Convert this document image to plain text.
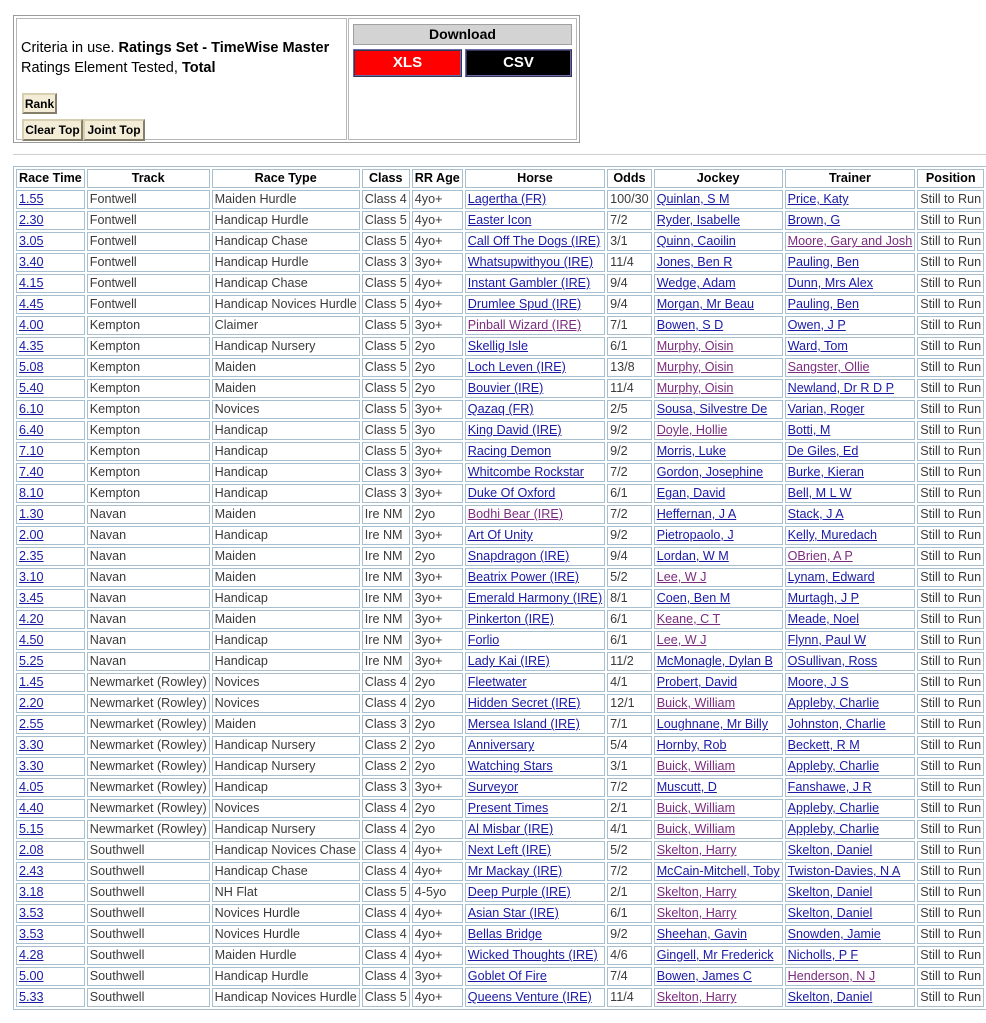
Criteria in use. Ratings Set - TimeWise Master
Ratings Element Tested, Total
Rank
Clear Top Joint Top
Download
XLS	CSV
Race Time	Track	Race Type	Class	RR Age	Horse	Odds	Jockey	Trainer	Position
1.55	Fontwell	Maiden Hurdle	Class 4	4yo+	Lagertha (FR)	100/30	Quinlan, S M	Price, Katy	Still to Run
2.30	Fontwell	Handicap Hurdle	Class 5	4yo+	Easter Icon	7/2	Ryder, Isabelle	Brown, G	Still to Run
3.05	Fontwell	Handicap Chase	Class 5	4yo+	Call Off The Dogs (IRE)	3/1	Quinn, Caoilin	Moore, Gary and Josh	Still to Run
3.40	Fontwell	Handicap Hurdle	Class 3	3yo+	Whatsupwithyou (IRE)	11/4	Jones, Ben R	Pauling, Ben	Still to Run
4.15	Fontwell	Handicap Chase	Class 5	4yo+	Instant Gambler (IRE)	9/4	Wedge, Adam	Dunn, Mrs Alex	Still to Run
4.45	Fontwell	Handicap Novices Hurdle	Class 5	4yo+	Drumlee Spud (IRE)	9/4	Morgan, Mr Beau	Pauling, Ben	Still to Run
4.00	Kempton	Claimer	Class 5	3yo+	Pinball Wizard (IRE)	7/1	Bowen, S D	Owen, J P	Still to Run
4.35	Kempton	Handicap Nursery	Class 5	2yo	Skellig Isle	6/1	Murphy, Oisin	Ward, Tom	Still to Run
5.08	Kempton	Maiden	Class 5	2yo	Loch Leven (IRE)	13/8	Murphy, Oisin	Sangster, Ollie	Still to Run
5.40	Kempton	Maiden	Class 5	2yo	Bouvier (IRE)	11/4	Murphy, Oisin	Newland, Dr R D P	Still to Run
6.10	Kempton	Novices	Class 5	3yo+	Qazaq (FR)	2/5	Sousa, Silvestre De	Varian, Roger	Still to Run
6.40	Kempton	Handicap	Class 5	3yo	King David (IRE)	9/2	Doyle, Hollie	Botti, M	Still to Run
7.10	Kempton	Handicap	Class 5	3yo+	Racing Demon	9/2	Morris, Luke	De Giles, Ed	Still to Run
7.40	Kempton	Handicap	Class 3	3yo+	Whitcombe Rockstar	7/2	Gordon, Josephine	Burke, Kieran	Still to Run
8.10	Kempton	Handicap	Class 3	3yo+	Duke Of Oxford	6/1	Egan, David	Bell, M L W	Still to Run
1.30	Navan	Maiden	Ire NM	2yo	Bodhi Bear (IRE)	7/2	Heffernan, J A	Stack, J A	Still to Run
2.00	Navan	Handicap	Ire NM	3yo+	Art Of Unity	9/2	Pietropaolo, J	Kelly, Muredach	Still to Run
2.35	Navan	Maiden	Ire NM	2yo	Snapdragon (IRE)	9/4	Lordan, W M	OBrien, A P	Still to Run
3.10	Navan	Maiden	Ire NM	3yo+	Beatrix Power (IRE)	5/2	Lee, W J	Lynam, Edward	Still to Run
3.45	Navan	Handicap	Ire NM	3yo+	Emerald Harmony (IRE)	8/1	Coen, Ben M	Murtagh, J P	Still to Run
4.20	Navan	Maiden	Ire NM	3yo+	Pinkerton (IRE)	6/1	Keane, C T	Meade, Noel	Still to Run
4.50	Navan	Handicap	Ire NM	3yo+	Forlio	6/1	Lee, W J	Flynn, Paul W	Still to Run
5.25	Navan	Handicap	Ire NM	3yo+	Lady Kai (IRE)	11/2	McMonagle, Dylan B	OSullivan, Ross	Still to Run
1.45	Newmarket (Rowley)	Novices	Class 4	2yo	Fleetwater	4/1	Probert, David	Moore, J S	Still to Run
2.20	Newmarket (Rowley)	Novices	Class 4	2yo	Hidden Secret (IRE)	12/1	Buick, William	Appleby, Charlie	Still to Run
2.55	Newmarket (Rowley)	Maiden	Class 3	2yo	Mersea Island (IRE)	7/1	Loughnane, Mr Billy	Johnston, Charlie	Still to Run
3.30	Newmarket (Rowley)	Handicap Nursery	Class 2	2yo	Anniversary	5/4	Hornby, Rob	Beckett, R M	Still to Run
3.30	Newmarket (Rowley)	Handicap Nursery	Class 2	2yo	Watching Stars	3/1	Buick, William	Appleby, Charlie	Still to Run
4.05	Newmarket (Rowley)	Handicap	Class 3	3yo+	Surveyor	7/2	Muscutt, D	Fanshawe, J R	Still to Run
4.40	Newmarket (Rowley)	Novices	Class 4	2yo	Present Times	2/1	Buick, William	Appleby, Charlie	Still to Run
5.15	Newmarket (Rowley)	Handicap Nursery	Class 4	2yo	Al Misbar (IRE)	4/1	Buick, William	Appleby, Charlie	Still to Run
2.08	Southwell	Handicap Novices Chase	Class 4	4yo+	Next Left (IRE)	5/2	Skelton, Harry	Skelton, Daniel	Still to Run
2.43	Southwell	Handicap Chase	Class 4	4yo+	Mr Mackay (IRE)	7/2	McCain-Mitchell, Toby	Twiston-Davies, N A	Still to Run
3.18	Southwell	NH Flat	Class 5	4-5yo	Deep Purple (IRE)	2/1	Skelton, Harry	Skelton, Daniel	Still to Run
3.53	Southwell	Novices Hurdle	Class 4	4yo+	Asian Star (IRE)	6/1	Skelton, Harry	Skelton, Daniel	Still to Run
3.53	Southwell	Novices Hurdle	Class 4	4yo+	Bellas Bridge	9/2	Sheehan, Gavin	Snowden, Jamie	Still to Run
4.28	Southwell	Maiden Hurdle	Class 4	4yo+	Wicked Thoughts (IRE)	4/6	Gingell, Mr Frederick	Nicholls, P F	Still to Run
5.00	Southwell	Handicap Hurdle	Class 4	3yo+	Goblet Of Fire	7/4	Bowen, James C	Henderson, N J	Still to Run
5.33	Southwell	Handicap Novices Hurdle	Class 5	4yo+	Queens Venture (IRE)	11/4	Skelton, Harry	Skelton, Daniel	Still to Run
